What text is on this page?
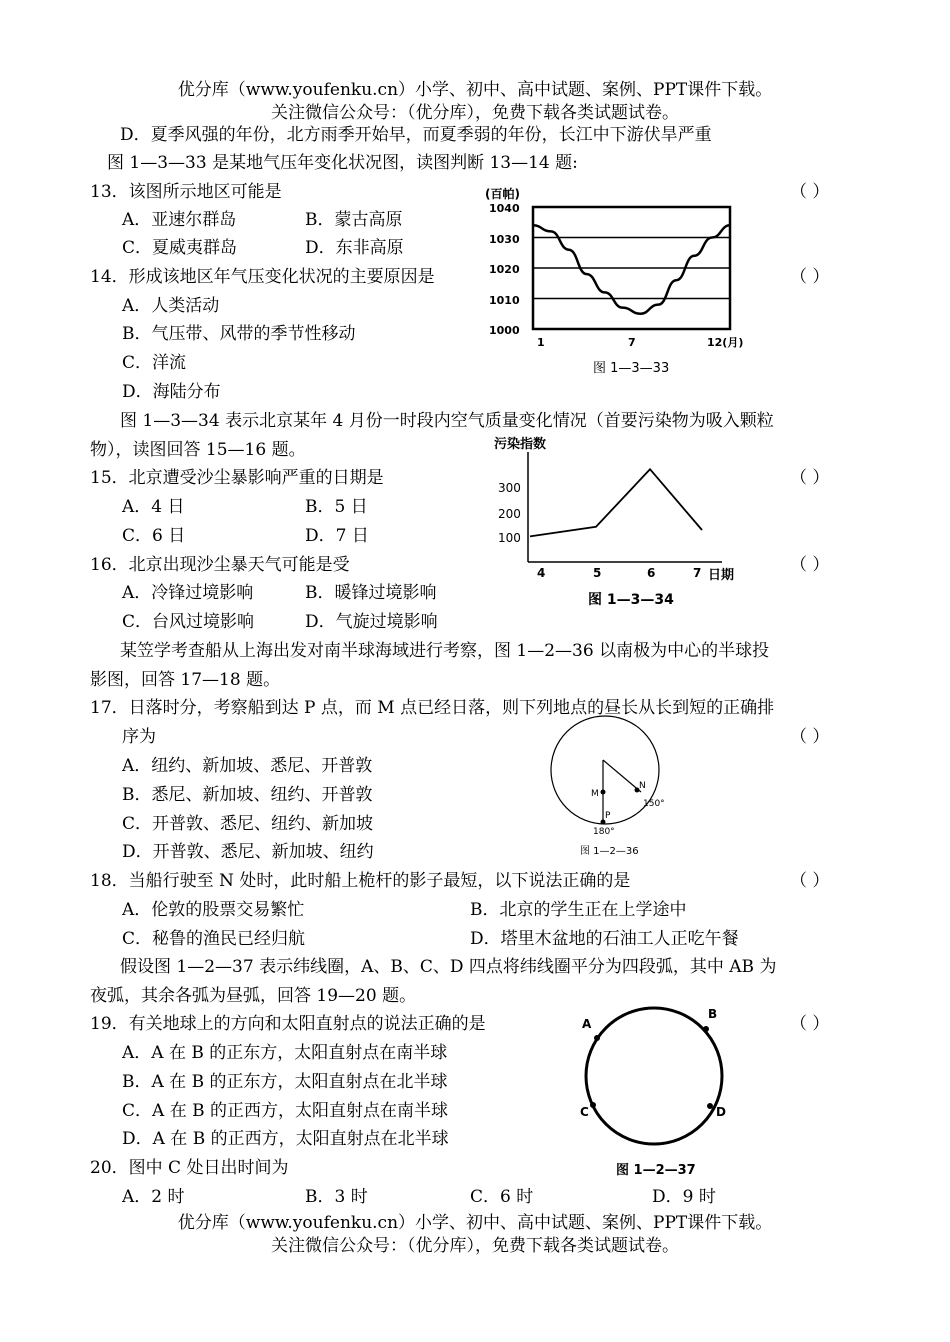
优分库（www.youfenku.cn）小学、初中、高中试题、案例、PPT课件下载。
关注微信公众号：（优分库），免费下载各类试题试卷。
D．夏季风强的年份，北方雨季开始早，而夏季弱的年份，长江中下游伏旱严重
图 1—3—33 是某地气压年变化状况图，读图判断 13—14 题:
13．该图所示地区可能是	（ ）
A．亚速尔群岛	B．蒙古高原
C．夏威夷群岛	D．东非高原
14．形成该地区年气压变化状况的主要原因是	（ ）
A．人类活动
B．气压带、风带的季节性移动
C．洋流
D．海陆分布
(百帕)
1040
1030
1020
1010
1000
1	7	12(月)
图 1—3—33
图 1—3—34 表示北京某年 4 月份一时段内空气质量变化情况（首要污染物为吸入颗粒
物），读图回答 15—16 题。
15．北京遭受沙尘暴影响严重的日期是	（ ）
A．4 日	B．5 日
C．6 日	D．7 日
16．北京出现沙尘暴天气可能是受	（ ）
A．冷锋过境影响	B．暖锋过境影响
C．台风过境影响	D．气旋过境影响
污染指数
300
200
100
4	5	6	7 日期
图 1—3—34
某笠学考查船从上海出发对南半球海域进行考察，图 1—2—36 以南极为中心的半球投
影图，回答 17—18 题。
17．日落时分，考察船到达 P 点，而 M 点已经日落，则下列地点的昼长从长到短的正确排
序为	（ ）
A．纽约、新加坡、悉尼、开普敦
B．悉尼、新加坡、纽约、开普敦
C．开普敦、悉尼、纽约、新加坡
D．开普敦、悉尼、新加坡、纽约
M
N
P
150°
180°
图 1—2—36
18．当船行驶至 N 处时，此时船上桅杆的影子最短，以下说法正确的是	（ ）
A．伦敦的股票交易繁忙	B．北京的学生正在上学途中
C．秘鲁的渔民已经归航	D．塔里木盆地的石油工人正吃午餐
假设图 1—2—37 表示纬线圈，A、B、C、D 四点将纬线圈平分为四段弧，其中 AB 为
夜弧，其余各弧为昼弧，回答 19—20 题。
19．有关地球上的方向和太阳直射点的说法正确的是	（ ）
A．A 在 B 的正东方，太阳直射点在南半球
B．A 在 B 的正东方，太阳直射点在北半球
C．A 在 B 的正西方，太阳直射点在南半球
D．A 在 B 的正西方，太阳直射点在北半球
A
B
C	D
图 1—2—37
20．图中 C 处日出时间为
A．2 时	B．3 时	C．6 时	D．9 时
优分库（www.youfenku.cn）小学、初中、高中试题、案例、PPT课件下载。
关注微信公众号：（优分库），免费下载各类试题试卷。
